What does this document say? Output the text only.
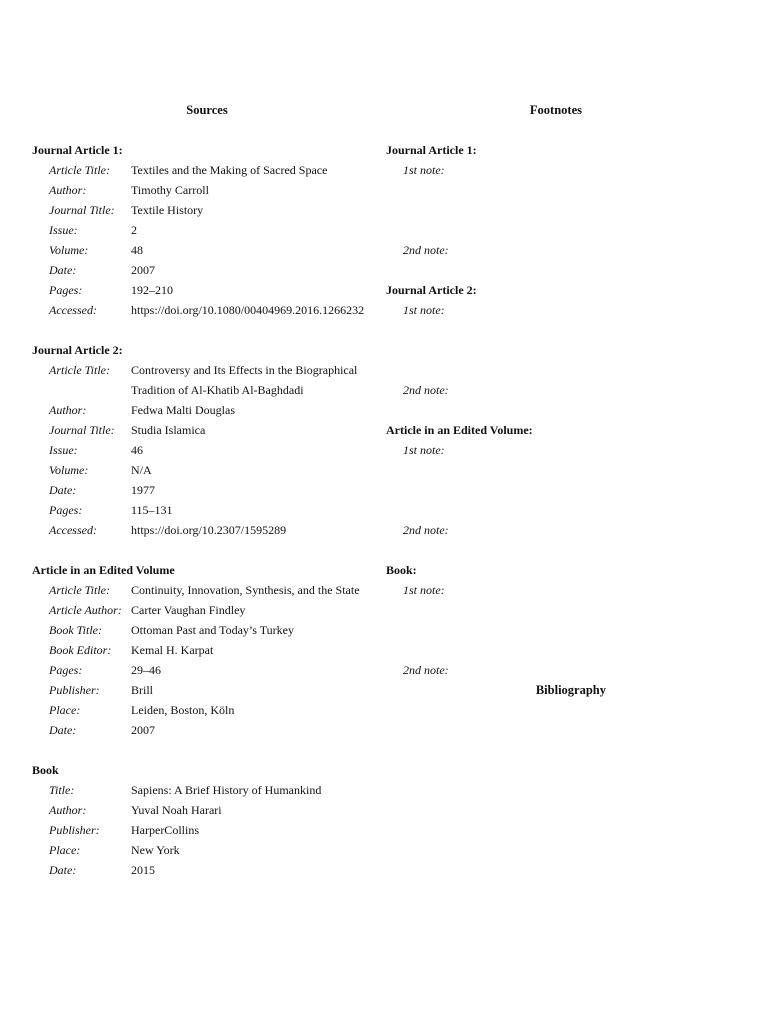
Sources
Journal Article 1:
Article Title:	Textiles and the Making of Sacred Space
Author:	Timothy Carroll
Journal Title:	Textile History
Issue:	2
Volume:	48
Date:	2007
Pages:	192–210
Accessed:	https://doi.org/10.1080/00404969.2016.1266232
Journal Article 2:
Article Title:	Controversy and Its Effects in the Biographical
Tradition of Al-Khatib Al-Baghdadi
Author:	Fedwa Malti Douglas
Journal Title:	Studia Islamica
Issue:	46
Volume:	N/A
Date:	1977
Pages:	115–131
Accessed:	https://doi.org/10.2307/1595289
Article in an Edited Volume
Article Title:	Continuity, Innovation, Synthesis, and the State
Article Author: Carter Vaughan Findley
Book Title:	Ottoman Past and Today’s Turkey
Book Editor:	Kemal H. Karpat
Pages:	29–46
Publisher:	Brill
Place:	Leiden, Boston, Köln
Date:	2007
Book
Title:	Sapiens: A Brief History of Humankind
Author:	Yuval Noah Harari
Publisher:	HarperCollins
Place:	New York
Date:	2015
Footnotes
Journal Article 1:
1st note:
2nd note:
Journal Article 2:
1st note:
2nd note:
Article in an Edited Volume:
1st note:
2nd note:
Book:
1st note:
2nd note:
Bibliography
